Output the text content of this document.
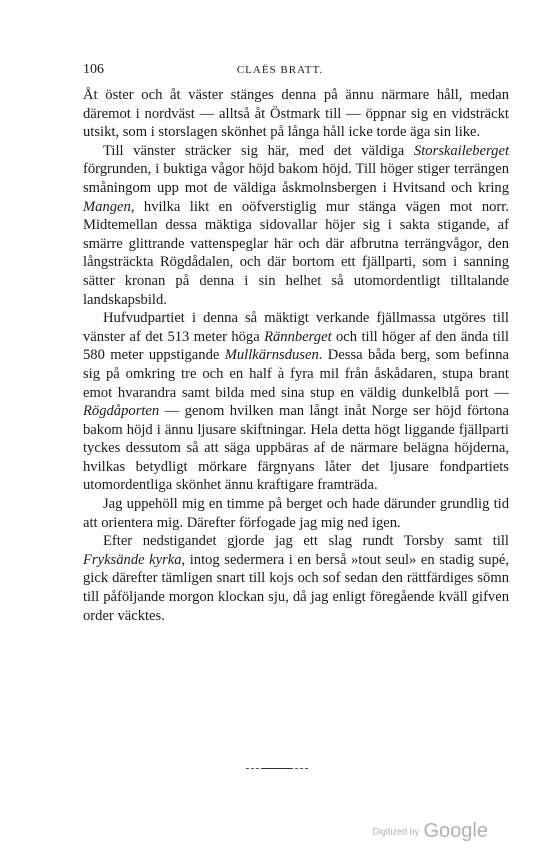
106	CLAËS BRATT.

Åt öster och åt väster stänges denna på ännu närmare håll, medan däremot i nordväst — alltså åt Östmark till — öppnar sig en vidsträckt utsikt, som i storslagen skönhet på långa håll icke torde äga sin like.

Till vänster sträcker sig här, med det väldiga Storskaileberget förgrunden, i buktiga vågor höjd bakom höjd. Till höger stiger terrängen småningom upp mot de väldiga åskmolnsbergen i Hvitsand och kring Mangen, hvilka likt en oöfverstiglig mur stänga vägen mot norr. Midtemellan dessa mäktiga sidovallar höjer sig i sakta stigande, af smärre glittrande vattenspeglar här och där afbrutna terrängvågor, den långsträckta Rögdådalen, och där bortom ett fjällparti, som i sanning sätter kronan på denna i sin helhet så utomordentligt tilltalande landskapsbild.

Hufvudpartiet i denna så mäktigt verkande fjällmassa utgöres till vänster af det 513 meter höga Rännberget och till höger af den ända till 580 meter uppstigande Mullkärnsdusen. Dessa båda berg, som befinna sig på omkring tre och en half à fyra mil från åskådaren, stupa brant emot hvarandra samt bilda med sina stup en väldig dunkelblå port — Rögdåporten — genom hvilken man långt inåt Norge ser höjd förtona bakom höjd i ännu ljusare skiftningar. Hela detta högt liggande fjällparti tyckes dessutom så att säga uppbäras af de närmare belägna höjderna, hvilkas betydligt mörkare färgnyans låter det ljusare fondpartiets utomordentliga skönhet ännu kraftigare framträda.

Jag uppehöll mig en timme på berget och hade därunder grundlig tid att orientera mig. Därefter förfogade jag mig ned igen.

Efter nedstigandet gjorde jag ett slag rundt Torsby samt till Fryksände kyrka, intog sedermera i en berså »tout seul» en stadig supé, gick därefter tämligen snart till kojs och sof sedan den rättfärdiges sömn till påföljande morgon klockan sju, då jag enligt föregående kväll gifven order väcktes.

Digitized by Google
